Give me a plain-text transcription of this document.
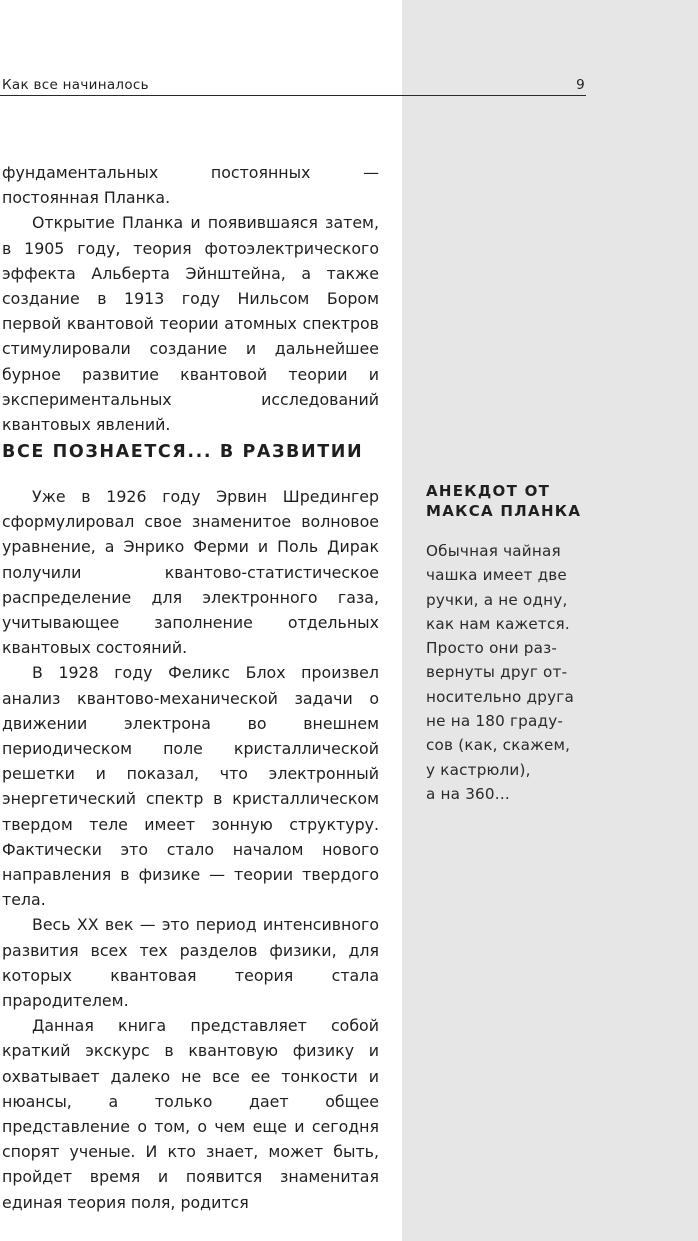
Как все начиналось	9

фундаментальных постоянных — постоянная Планка.

Открытие Планка и появившаяся затем, в 1905 году, теория фотоэлектрического эффекта Альберта Эйнштейна, а также создание в 1913 году Нильсом Бором первой квантовой теории атомных спектров стимулировали создание и дальнейшее бурное развитие квантовой теории и экспериментальных исследований квантовых явлений.

ВСЕ ПОЗНАЕТСЯ... В РАЗВИТИИ

Уже в 1926 году Эрвин Шредингер сформулировал свое знаменитое волновое уравнение, а Энрико Ферми и Поль Дирак получили квантово-статистическое распределение для электронного газа, учитывающее заполнение отдельных квантовых состояний.

В 1928 году Феликс Блох произвел анализ квантово-механической задачи о движении электрона во внешнем периодическом поле кристаллической решетки и показал, что электронный энергетический спектр в кристаллическом твердом теле имеет зонную структуру. Фактически это стало началом нового направления в физике — теории твердого тела.

Весь XX век — это период интенсивного развития всех тех разделов физики, для которых квантовая теория стала прародителем.

Данная книга представляет собой краткий экскурс в квантовую физику и охватывает далеко не все ее тонкости и нюансы, а только дает общее представление о том, о чем еще и сегодня спорят ученые. И кто знает, может быть, пройдет время и появится знаменитая единая теория поля, родится

АНЕКДОТ ОТ
МАКСА ПЛАНКА
Обычная чайная
чашка имеет две
ручки, а не одну,
как нам кажется.
Просто они раз-
вернуты друг от-
носительно друга
не на 180 граду-
сов (как, скажем,
у кастрюли),
а на 360...
